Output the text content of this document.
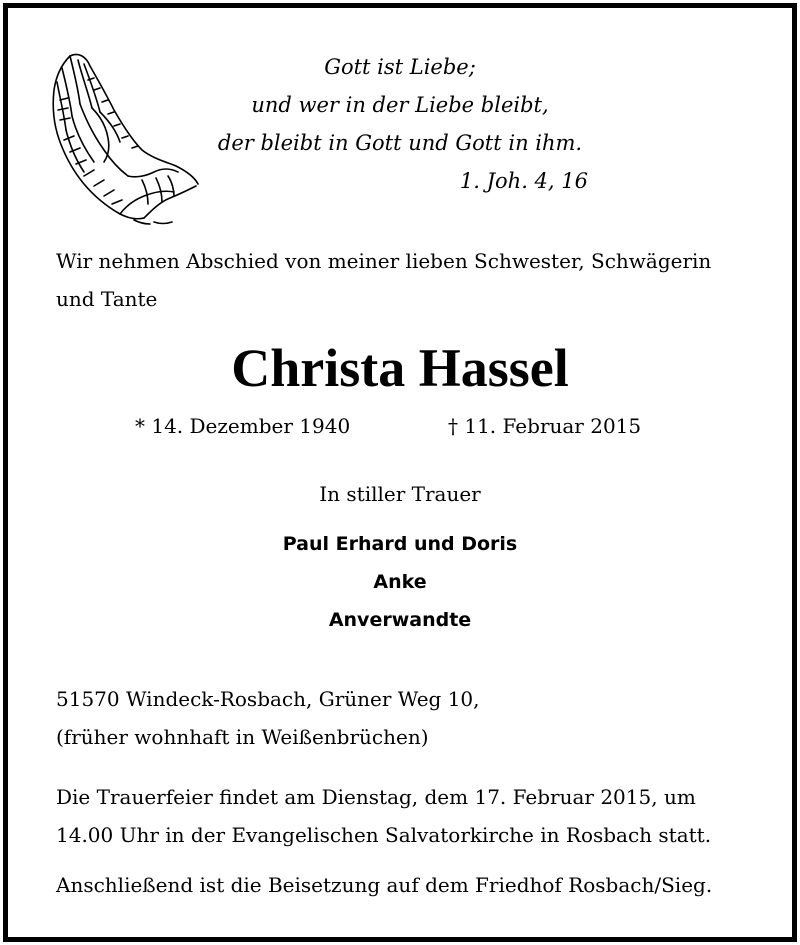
Gott ist Liebe;
und wer in der Liebe bleibt,
der bleibt in Gott und Gott in ihm.
1. Joh. 4, 16
Wir nehmen Abschied von meiner lieben Schwester, Schwägerin
und Tante
Christa Hassel
* 14. Dezember 1940	† 11. Februar 2015
In stiller Trauer
Paul Erhard und Doris
Anke
Anverwandte
51570 Windeck-Rosbach, Grüner Weg 10,
(früher wohnhaft in Weißenbrüchen)
Die Trauerfeier findet am Dienstag, dem 17. Februar 2015, um
14.00 Uhr in der Evangelischen Salvatorkirche in Rosbach statt.
Anschließend ist die Beisetzung auf dem Friedhof Rosbach/Sieg.
